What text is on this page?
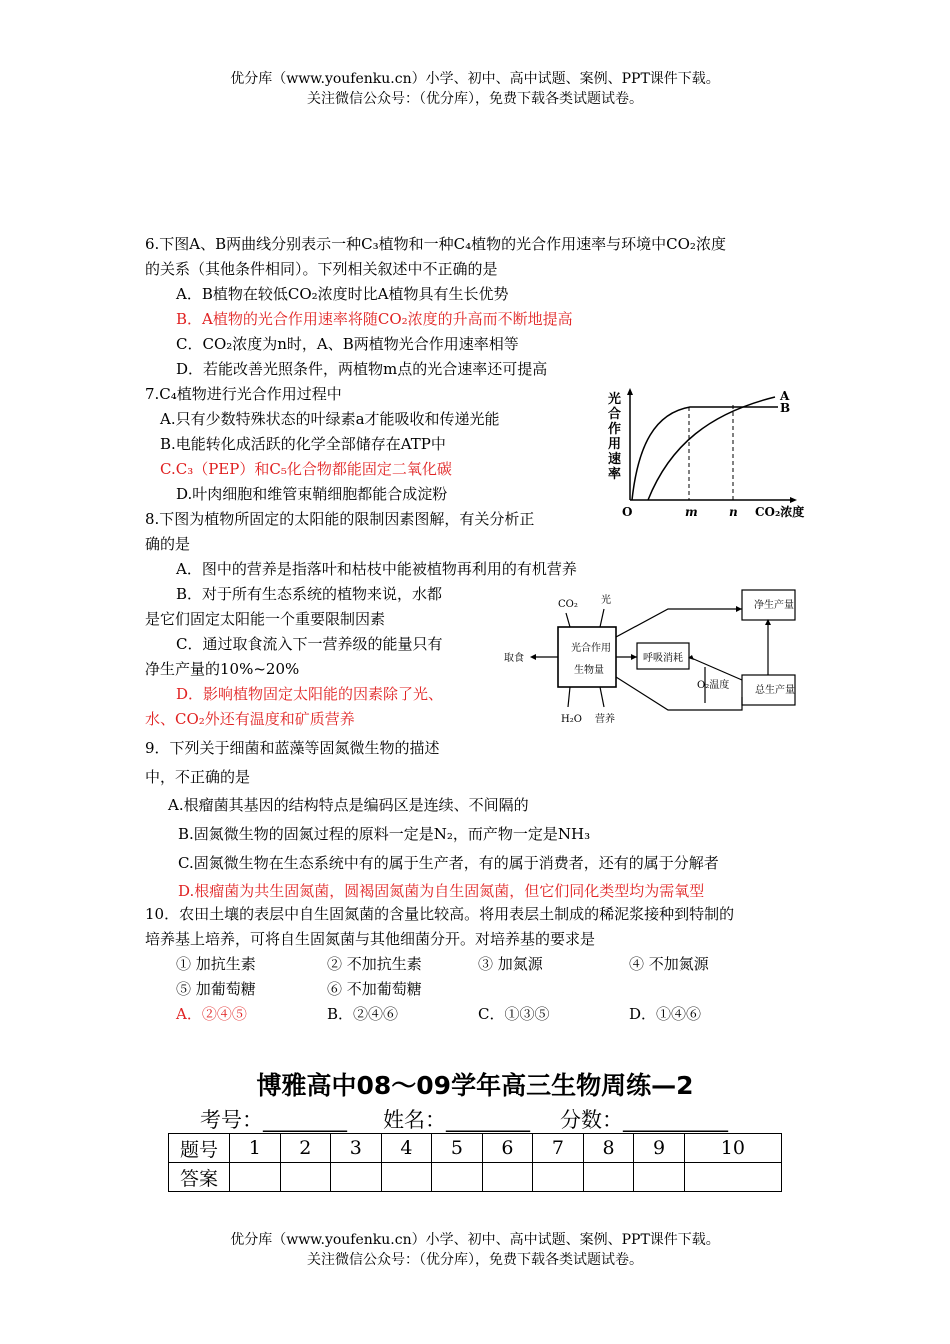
优分库（www.youfenku.cn）小学、初中、高中试题、案例、PPT课件下载。
关注微信公众号：（优分库），免费下载各类试题试卷。
6.下图A、B两曲线分别表示一种C₃植物和一种C₄植物的光合作用速率与环境中CO₂浓度
的关系（其他条件相同）。下列相关叙述中不正确的是
A．B植物在较低CO₂浓度时比A植物具有生长优势
B．A植物的光合作用速率将随CO₂浓度的升高而不断地提高
C．CO₂浓度为n时，A、B两植物光合作用速率相等
D．若能改善光照条件，两植物m点的光合速率还可提高
7.C₄植物进行光合作用过程中
A.只有少数特殊状态的叶绿素a才能吸收和传递光能
B.电能转化成活跃的化学全部储存在ATP中
C.C₃（PEP）和C₅化合物都能固定二氧化碳
D.叶肉细胞和维管束鞘细胞都能合成淀粉
光
合
作
用
速
率
O	m	n CO₂浓度
A
B
8.下图为植物所固定的太阳能的限制因素图解，有关分析正
确的是
A．图中的营养是指落叶和枯枝中能被植物再利用的有机营养
B．对于所有生态系统的植物来说，水都
是它们固定太阳能一个重要限制因素
C．通过取食流入下一营养级的能量只有
净生产量的10%~20%
D．影响植物固定太阳能的因素除了光、
水、CO₂外还有温度和矿质营养
CO₂ 光
取食
光合作用
生物量
H₂O 营养
净生产量
呼吸消耗
O₂温度	总生产量
9．下列关于细菌和蓝藻等固氮微生物的描述
中，不正确的是
A.根瘤菌其基因的结构特点是编码区是连续、不间隔的
B.固氮微生物的固氮过程的原料一定是N₂，而产物一定是NH₃
C.固氮微生物在生态系统中有的属于生产者，有的属于消费者，还有的属于分解者
D.根瘤菌为共生固氮菌，圆褐固氮菌为自生固氮菌，但它们同化类型均为需氧型
10．农田土壤的表层中自生固氮菌的含量比较高。将用表层土制成的稀泥浆接种到特制的
培养基上培养，可将自生固氮菌与其他细菌分开。对培养基的要求是
① 加抗生素	② 不加抗生素	③ 加氮源	④ 不加氮源
⑤ 加葡萄糖	⑥ 不加葡萄糖
A．②④⑤	B．②④⑥	C．①③⑤	D．①④⑥
博雅高中08～09学年高三生物周练—2
考号：________ 姓名：________ 分数：__________
题号	1	2	3	4	5	6	7	8	9	10
答案										
优分库（www.youfenku.cn）小学、初中、高中试题、案例、PPT课件下载。
关注微信公众号：（优分库），免费下载各类试题试卷。
